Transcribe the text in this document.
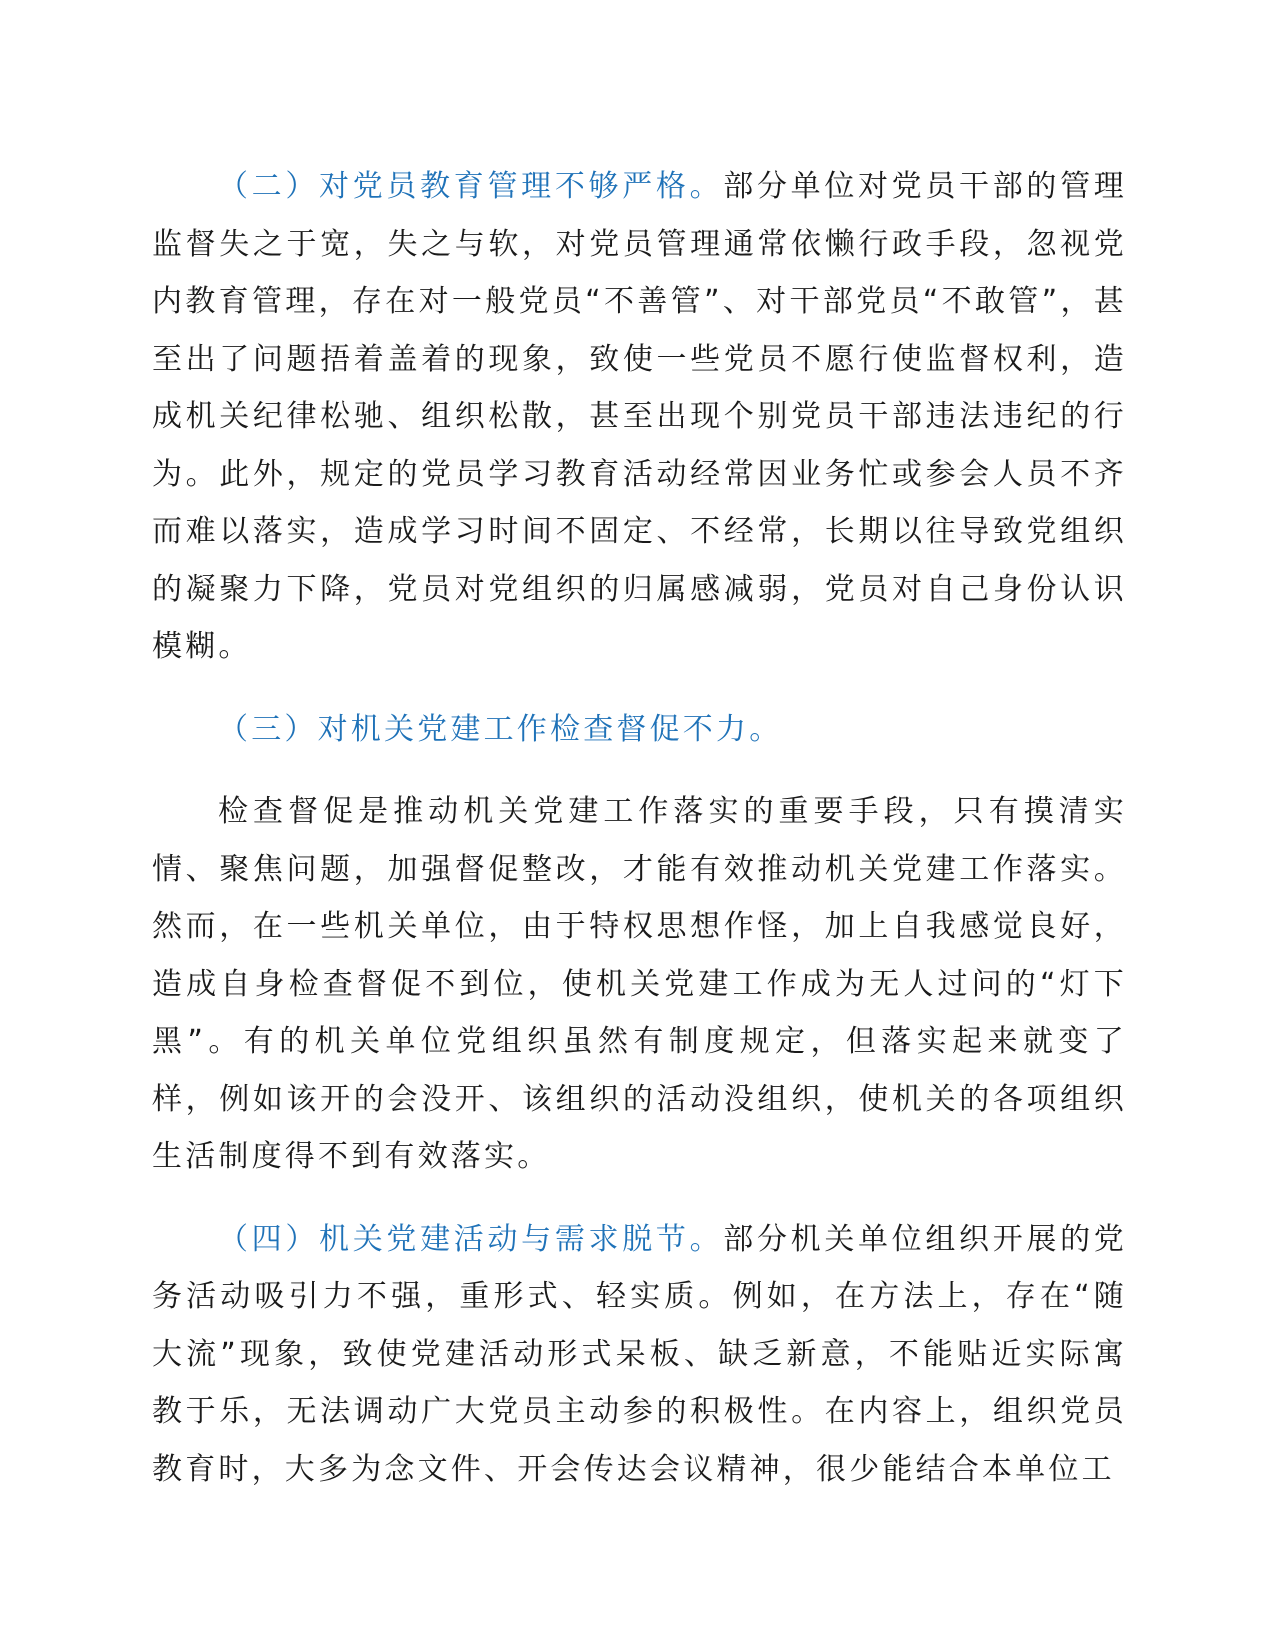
（二）对党员教育管理不够严格。部分单位对党员干部的管理监督失之于宽，失之与软，对党员管理通常依懒行政手段，忽视党内教育管理，存在对一般党员“不善管”、对干部党员“不敢管”，甚至出了问题捂着盖着的现象，致使一些党员不愿行使监督权利，造成机关纪律松驰、组织松散，甚至出现个别党员干部违法违纪的行为。此外，规定的党员学习教育活动经常因业务忙或参会人员不齐而难以落实，造成学习时间不固定、不经常，长期以往导致党组织的凝聚力下降，党员对党组织的归属感减弱，党员对自己身份认识模糊。

（三）对机关党建工作检查督促不力。

检查督促是推动机关党建工作落实的重要手段，只有摸清实情、聚焦问题，加强督促整改，才能有效推动机关党建工作落实。然而，在一些机关单位，由于特权思想作怪，加上自我感觉良好，造成自身检查督促不到位，使机关党建工作成为无人过问的“灯下黑”。有的机关单位党组织虽然有制度规定，但落实起来就变了样，例如该开的会没开、该组织的活动没组织，使机关的各项组织生活制度得不到有效落实。

（四）机关党建活动与需求脱节。部分机关单位组织开展的党务活动吸引力不强，重形式、轻实质。例如，在方法上，存在“随大流”现象，致使党建活动形式呆板、缺乏新意，不能贴近实际寓教于乐，无法调动广大党员主动参的积极性。在内容上，组织党员教育时，大多为念文件、开会传达会议精神，很少能结合本单位工
